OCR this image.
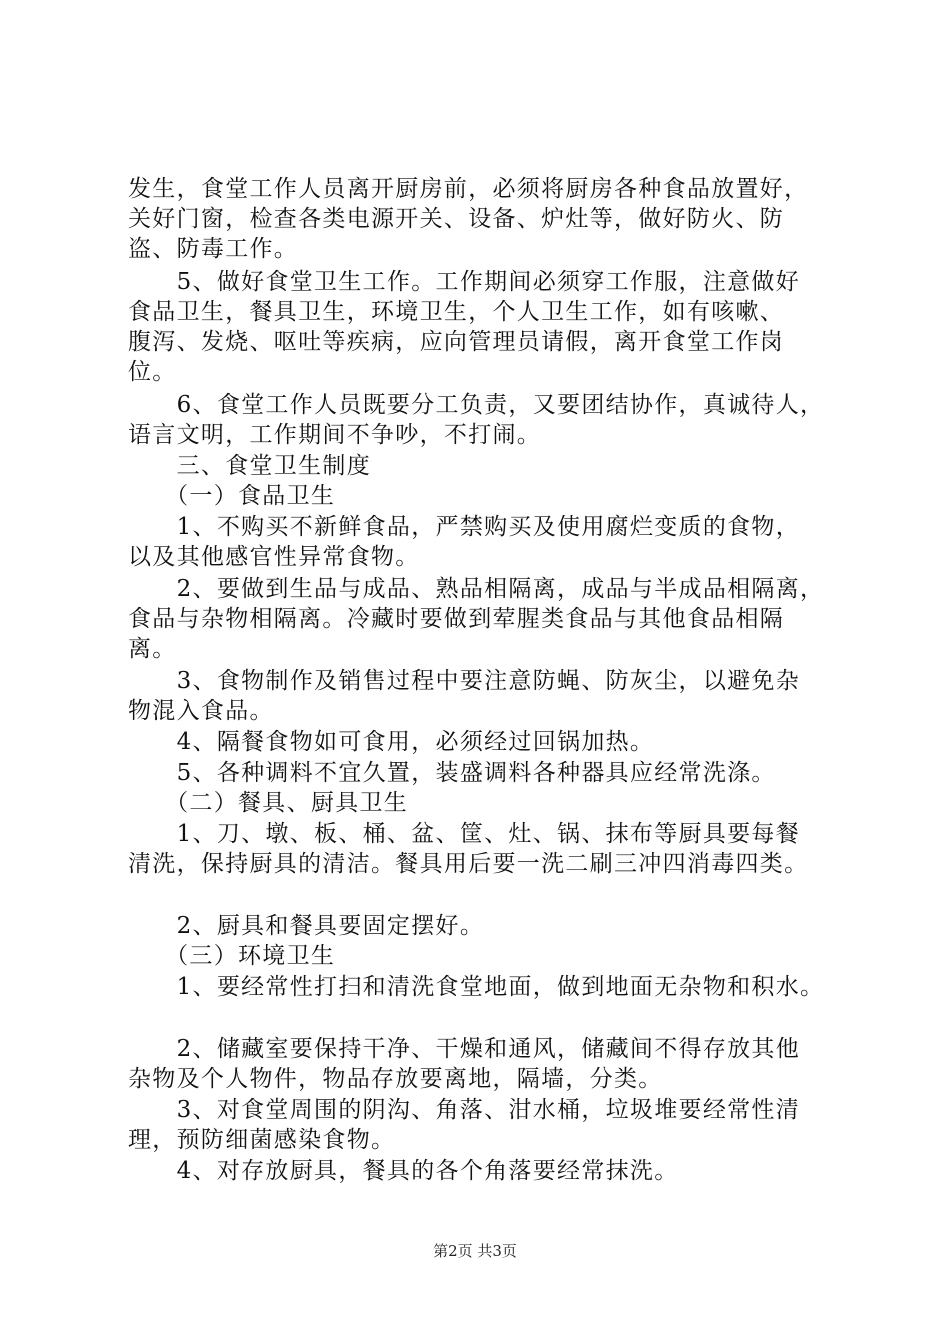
发生，食堂工作人员离开厨房前，必须将厨房各种食品放置好，
关好门窗，检查各类电源开关、设备、炉灶等，做好防火、防
盗、防毒工作。
　　5、做好食堂卫生工作。工作期间必须穿工作服，注意做好
食品卫生，餐具卫生，环境卫生，个人卫生工作，如有咳嗽、
腹泻、发烧、呕吐等疾病，应向管理员请假，离开食堂工作岗
位。
　　6、食堂工作人员既要分工负责，又要团结协作，真诚待人，
语言文明，工作期间不争吵，不打闹。
　　三、食堂卫生制度
　　（一）食品卫生
　　1、不购买不新鲜食品，严禁购买及使用腐烂变质的食物，
以及其他感官性异常食物。
　　2、要做到生品与成品、熟品相隔离，成品与半成品相隔离，
食品与杂物相隔离。冷藏时要做到荤腥类食品与其他食品相隔
离。
　　3、食物制作及销售过程中要注意防蝇、防灰尘，以避免杂
物混入食品。
　　4、隔餐食物如可食用，必须经过回锅加热。
　　5、各种调料不宜久置，装盛调料各种器具应经常洗涤。
　　（二）餐具、厨具卫生
　　1、刀、墩、板、桶、盆、筐、灶、锅、抹布等厨具要每餐
清洗，保持厨具的清洁。餐具用后要一洗二刷三冲四消毒四类。
　　2、厨具和餐具要固定摆好。
　　（三）环境卫生
　　1、要经常性打扫和清洗食堂地面，做到地面无杂物和积水。
　　2、储藏室要保持干净、干燥和通风，储藏间不得存放其他
杂物及个人物件，物品存放要离地，隔墙，分类。
　　3、对食堂周围的阴沟、角落、泔水桶，垃圾堆要经常性清
理，预防细菌感染食物。
　　4、对存放厨具，餐具的各个角落要经常抹洗。
第2页 共3页
